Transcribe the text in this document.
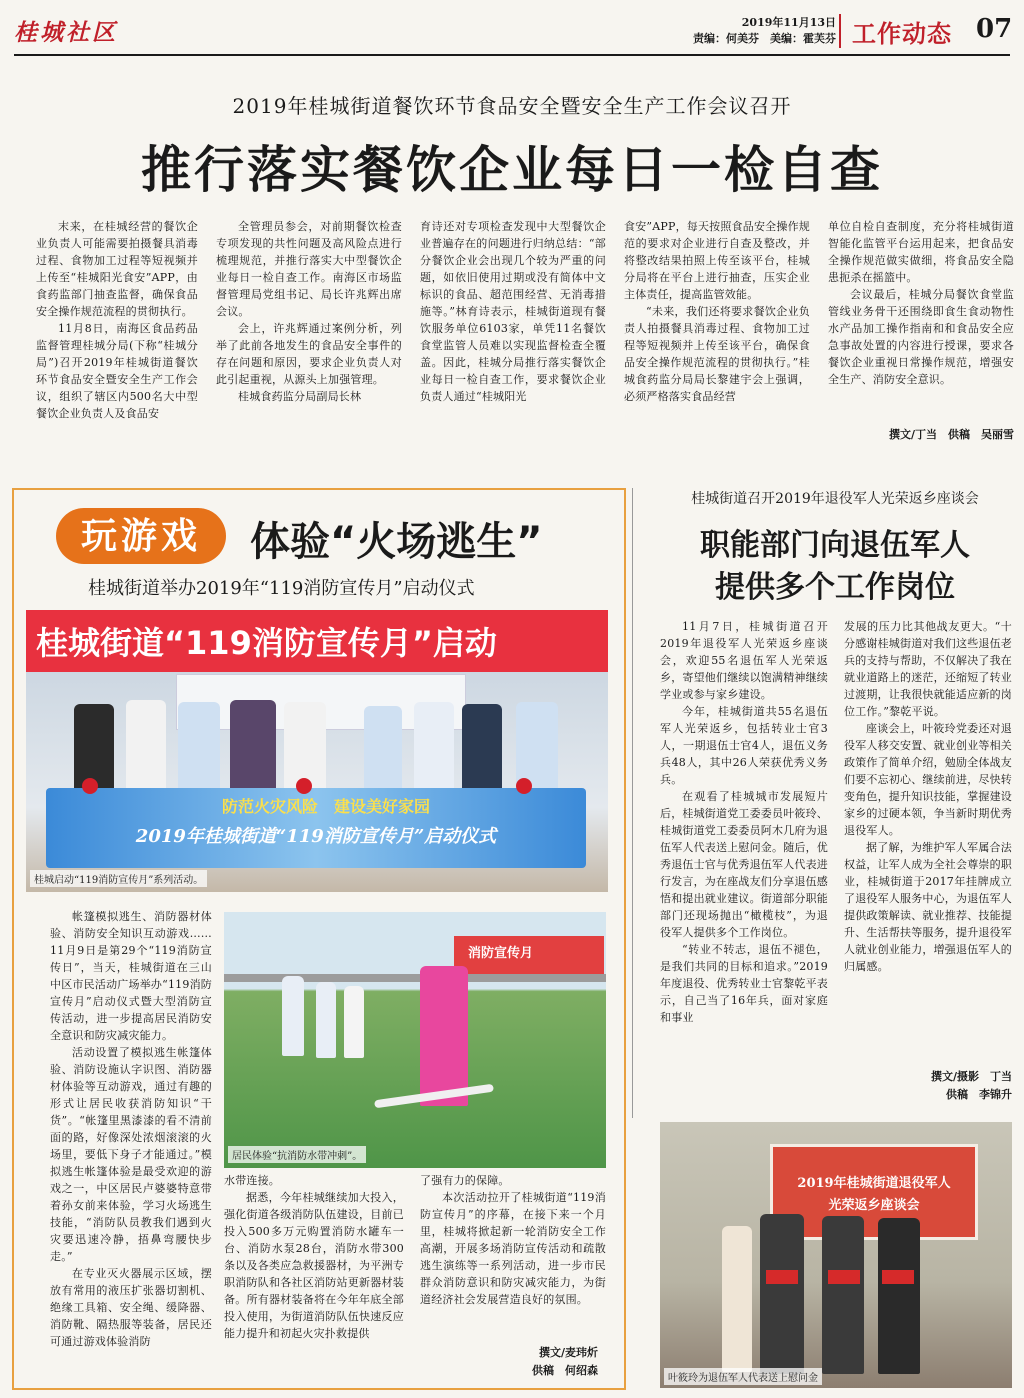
桂城社区	2019年11月13日
责编：何美芬　美编：霍芙芬 工作动态 07
2019年桂城街道餐饮环节食品安全暨安全生产工作会议召开
推行落实餐饮企业每日一检自查

末来，在桂城经营的餐饮企业负责人可能需要拍摄餐具消毒过程、食物加工过程等短视频并上传至“桂城阳光食安”APP，由食药监部门抽查监督，确保食品安全操作规范流程的贯彻执行。

11月8日，南海区食品药品监督管理桂城分局(下称“桂城分局”)召开2019年桂城街道餐饮环节食品安全暨安全生产工作会议，组织了辖区内500名大中型餐饮企业负责人及食品安

全管理员参会，对前期餐饮检查专项发现的共性问题及高风险点进行梳理规范，并推行落实大中型餐饮企业每日一检自查工作。南海区市场监督管理局党组书记、局长许兆辉出席会议。

会上，许兆辉通过案例分析，列举了此前各地发生的食品安全事件的存在问题和原因，要求企业负责人对此引起重视，从源头上加强管理。

桂城食药监分局副局长林

育诗还对专项检查发现中大型餐饮企业普遍存在的问题进行归纳总结：“部分餐饮企业会出现几个较为严重的问题，如依旧使用过期或没有简体中文标识的食品、超范围经营、无消毒措施等。”林育诗表示，桂城街道现有餐饮服务单位6103家，单凭11名餐饮食堂监管人员难以实现监督检查全覆盖。因此，桂城分局推行落实餐饮企业每日一检自查工作，要求餐饮企业负责人通过“桂城阳光

食安”APP，每天按照食品安全操作规范的要求对企业进行自查及整改，并将整改结果拍照上传至该平台，桂城分局将在平台上进行抽查，压实企业主体责任，提高监管效能。

“未来，我们还将要求餐饮企业负责人拍摄餐具消毒过程、食物加工过程等短视频并上传至该平台，确保食品安全操作规范流程的贯彻执行。”桂城食药监分局局长黎建宇会上强调，必须严格落实食品经营

单位自检自查制度，充分将桂城街道智能化监管平台运用起来，把食品安全操作规范做实做细，将食品安全隐患扼杀在摇篮中。

会议最后，桂城分局餐饮食堂监管线业务骨干还围绕即食生食动物性水产品加工操作指南和和食品安全应急事故处置的内容进行授课，要求各餐饮企业重视日常操作规范，增强安全生产、消防安全意识。

撰文/丁当　供稿　吴丽雪
玩游戏	体验“火场逃生”
桂城街道举办2019年“119消防宣传月”启动仪式
桂城街道“119消防宣传月”启动
防范火灾风险　建设美好家园
2019年桂城街道“119消防宣传月”启动仪式
桂城启动“119消防宣传月”系列活动。

帐篷模拟逃生、消防器材体验、消防安全知识互动游戏……11月9日是第29个“119消防宣传日”，当天，桂城街道在三山中区市民活动广场举办“119消防宣传月”启动仪式暨大型消防宣传活动，进一步提高居民消防安全意识和防灾减灾能力。

活动设置了模拟逃生帐篷体验、消防设施认字识图、消防器材体验等互动游戏，通过有趣的形式让居民收获消防知识“干货”。“帐篷里黑漆漆的看不清前面的路，好像深处浓烟滚滚的火场里，要低下身子才能通过。”模拟逃生帐篷体验是最受欢迎的游戏之一，中区居民卢婆婆特意带着孙女前来体验，学习火场逃生技能，“消防队员教我们遇到火灾要迅速冷静，捂鼻弯腰快步走。”

在专业灭火器展示区域，摆放有常用的液压扩张器切割机、绝缘工具箱、安全绳、缓降器、消防靴、隔热服等装备，居民还可通过游戏体验消防

消防宣传月
居民体验“抗消防水带冲刺”。

水带连接。

据悉，今年桂城继续加大投入，强化街道各级消防队伍建设，目前已投入500多万元购置消防水罐车一台、消防水泵28台，消防水带300条以及各类应急救援器材，为平洲专职消防队和各社区消防站更新器材装备。所有器材装备将在今年年底全部投入使用，为街道消防队伍快速反应能力提升和初起火灾扑救提供

了强有力的保障。

本次活动拉开了桂城街道“119消防宣传月”的序幕，在接下来一个月里，桂城将掀起新一轮消防安全工作高潮，开展多场消防宣传活动和疏散逃生演练等一系列活动，进一步市民群众消防意识和防灾减灾能力，为街道经济社会发展营造良好的氛围。

撰文/麦玮炘
供稿　何绍森
桂城街道召开2019年退役军人光荣返乡座谈会
职能部门向退伍军人
提供多个工作岗位

11月7日，桂城街道召开2019年退役军人光荣返乡座谈会，欢迎55名退伍军人光荣返乡，寄望他们继续以饱满精神继续学业或参与家乡建设。

今年，桂城街道共55名退伍军人光荣返乡，包括转业士官3人，一期退伍士官4人，退伍义务兵48人，其中26人荣获优秀义务兵。

在观看了桂城城市发展短片后，桂城街道党工委委员叶筱玲、桂城街道党工委委员阿木几府为退伍军人代表送上慰问金。随后，优秀退伍士官与优秀退伍军人代表进行发言，为在座战友们分享退伍感悟和提出就业建议。街道部分职能部门还现场抛出“橄榄枝”，为退役军人提供多个工作岗位。

“转业不转志，退伍不褪色，是我们共同的目标和追求。”2019年度退役、优秀转业士官黎乾平表示，自己当了16年兵，面对家庭和事业

发展的压力比其他战友更大。“十分感谢桂城街道对我们这些退伍老兵的支持与帮助，不仅解决了我在就业道路上的迷茫，还缩短了转业过渡期，让我很快就能适应新的岗位工作。”黎乾平说。

座谈会上，叶筱玲党委还对退役军人移交安置、就业创业等相关政策作了简单介绍，勉励全体战友们要不忘初心、继续前进，尽快转变角色，提升知识技能，掌握建设家乡的过硬本领，争当新时期优秀退役军人。

据了解，为维护军人军属合法权益，让军人成为全社会尊崇的职业，桂城街道于2017年挂牌成立了退役军人服务中心，为退伍军人提供政策解读、就业推荐、技能提升、生活帮扶等服务，提升退役军人就业创业能力，增强退伍军人的归属感。

撰文/摄影　丁当
供稿　李锦升
2019年桂城街道退役军人
光荣返乡座谈会
叶筱玲为退伍军人代表送上慰问金
